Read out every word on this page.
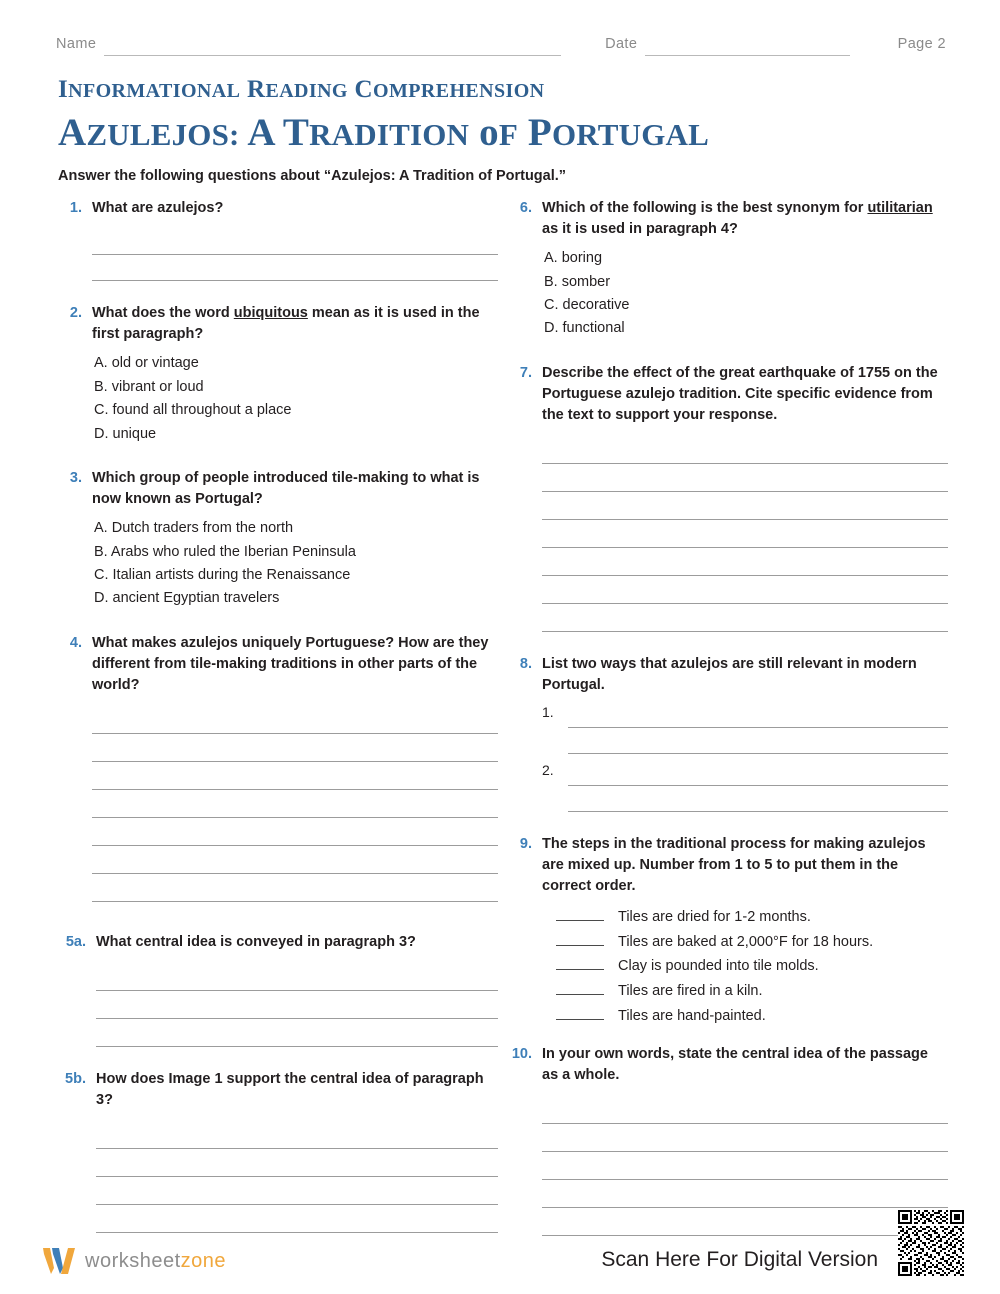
Name	Date	Page 2
INFORMATIONAL READING COMPREHENSION
AZULEJOS: A TRADITION oF PORTUGAL
Answer the following questions about “Azulejos: A Tradition of Portugal.”
1. What are azulejos?
2. What does the word ubiquitous mean as it is used in the first paragraph?
A. old or vintage
B. vibrant or loud
C. found all throughout a place
D. unique
3. Which group of people introduced tile-making to what is now known as Portugal?
A. Dutch traders from the north
B. Arabs who ruled the Iberian Peninsula
C. Italian artists during the Renaissance
D. ancient Egyptian travelers
4. What makes azulejos uniquely Portuguese? How are they different from tile-making traditions in other parts of the world?
5a. What central idea is conveyed in paragraph 3?
5b. How does Image 1 support the central idea of paragraph 3?
6. Which of the following is the best synonym for utilitarian as it is used in paragraph 4?
A. boring
B. somber
C. decorative
D. functional
7. Describe the effect of the great earthquake of 1755 on the Portuguese azulejo tradition. Cite specific evidence from the text to support your response.
8. List two ways that azulejos are still relevant in modern Portugal.
1.
2.
9. The steps in the traditional process for making azulejos are mixed up. Number from 1 to 5 to put them in the correct order.
Tiles are dried for 1-2 months.
Tiles are baked at 2,000°F for 18 hours.
Clay is pounded into tile molds.
Tiles are fired in a kiln.
Tiles are hand-painted.
10. In your own words, state the central idea of the passage as a whole.
worksheetzone	Scan Here For Digital Version
